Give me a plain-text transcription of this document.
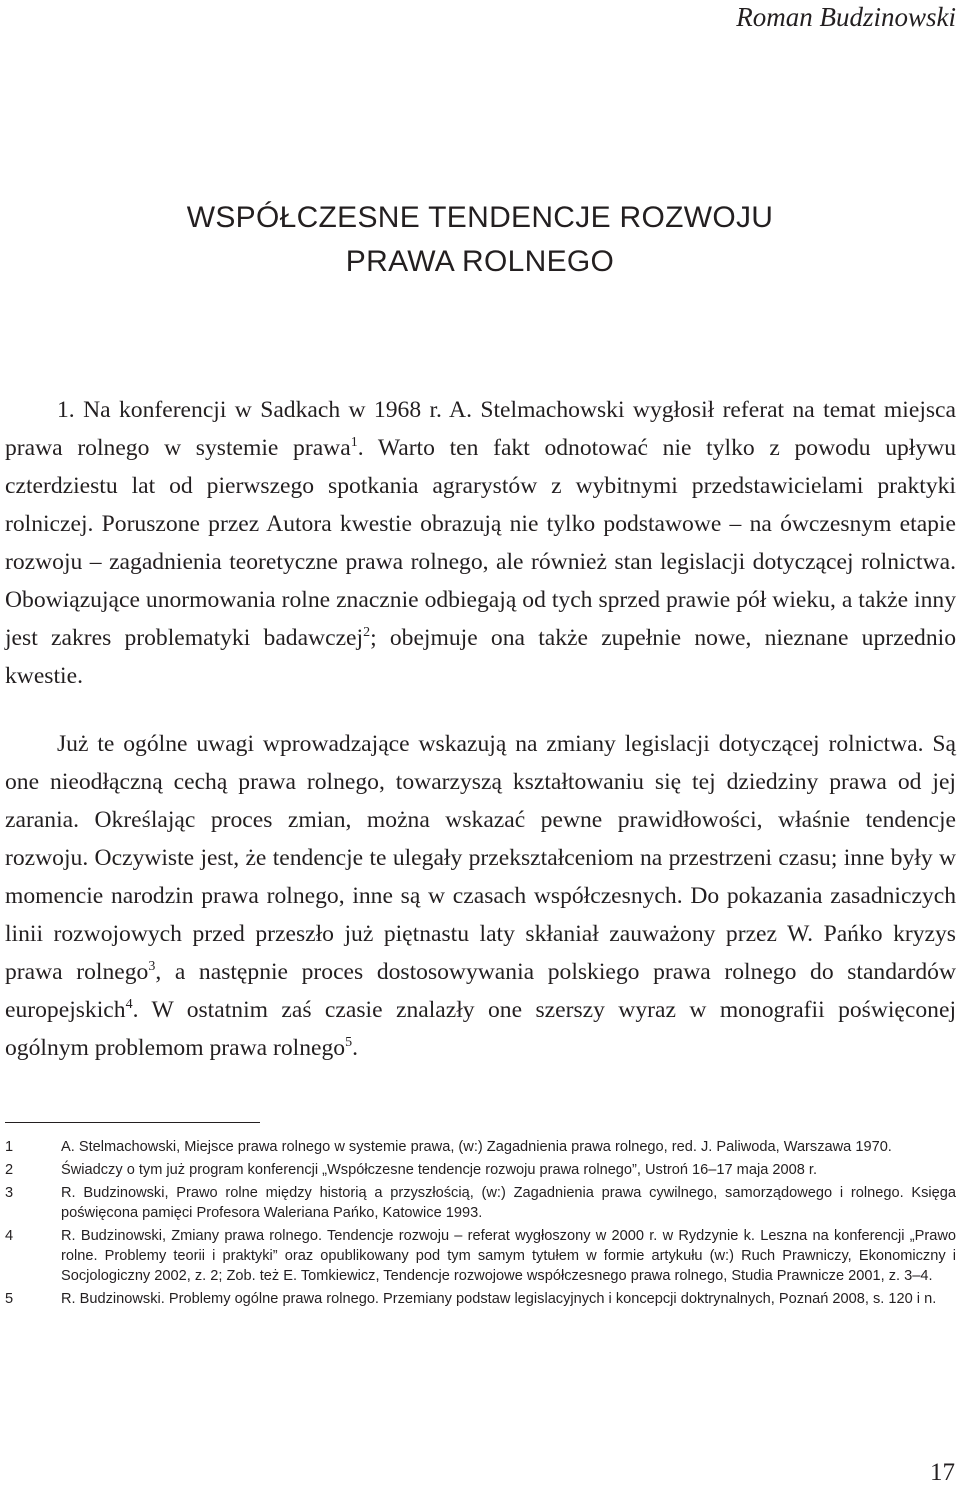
Roman Budzinowski
WSPÓŁCZESNE TENDENCJE ROZWOJU
PRAWA ROLNEGO

1. Na konferencji w Sadkach w 1968 r. A. Stelmachowski wygłosił referat na temat miejsca prawa rolnego w systemie prawa$^1$. Warto ten fakt odnotować nie tylko z powodu upływu czterdziestu lat od pierwszego spotkania agrarystów z wybitnymi przedstawicielami praktyki rolniczej. Poruszone przez Autora kwestie obrazują nie tylko podstawowe – na ówczesnym etapie rozwoju – zagadnienia teoretyczne prawa rolnego, ale również stan legislacji dotyczącej rolnictwa. Obowiązujące unormowania rolne znacznie odbiegają od tych sprzed prawie pół wieku, a także inny jest zakres problematyki badawczej$^2$; obejmuje ona także zupełnie nowe, nieznane uprzednio kwestie.

Już te ogólne uwagi wprowadzające wskazują na zmiany legislacji dotyczącej rolnictwa. Są one nieodłączną cechą prawa rolnego, towarzyszą kształtowaniu się tej dziedziny prawa od jej zarania. Określając proces zmian, można wskazać pewne prawidłowości, właśnie tendencje rozwoju. Oczywiste jest, że tendencje te ulegały przekształceniom na przestrzeni czasu; inne były w momencie narodzin prawa rolnego, inne są w czasach współczesnych. Do pokazania zasadniczych linii rozwojowych przed przeszło już piętnastu laty skłaniał zauważony przez W. Pańko kryzys prawa rolnego$^3$, a następnie proces dostosowywania polskiego prawa rolnego do standardów europejskich$^4$. W ostatnim zaś czasie znalazły one szerszy wyraz w monografii poświęconej ogólnym problemom prawa rolnego$^5$.

1	A. Stelmachowski, Miejsce prawa rolnego w systemie prawa, (w:) Zagadnienia prawa rolnego, red. J. Paliwoda, Warszawa 1970.
2	Świadczy o tym już program konferencji „Współczesne tendencje rozwoju prawa rolnego”, Ustroń 16–17 maja 2008 r.
3	R. Budzinowski, Prawo rolne między historią a przyszłością, (w:) Zagadnienia prawa cywilnego, samorządowego i rolnego. Księga poświęcona pamięci Profesora Waleriana Pańko, Katowice 1993.
4	R. Budzinowski, Zmiany prawa rolnego. Tendencje rozwoju – referat wygłoszony w 2000 r. w Rydzynie k. Leszna na konferencji „Prawo rolne. Problemy teorii i praktyki” oraz opublikowany pod tym samym tytułem w formie artykułu (w:) Ruch Prawniczy, Ekonomiczny i Socjologiczny 2002, z. 2; Zob. też E. Tomkiewicz, Tendencje rozwojowe współczesnego prawa rolnego, Studia Prawnicze 2001, z. 3–4.
5	R. Budzinowski. Problemy ogólne prawa rolnego. Przemiany podstaw legislacyjnych i koncepcji doktrynalnych, Poznań 2008, s. 120 i n.
17
